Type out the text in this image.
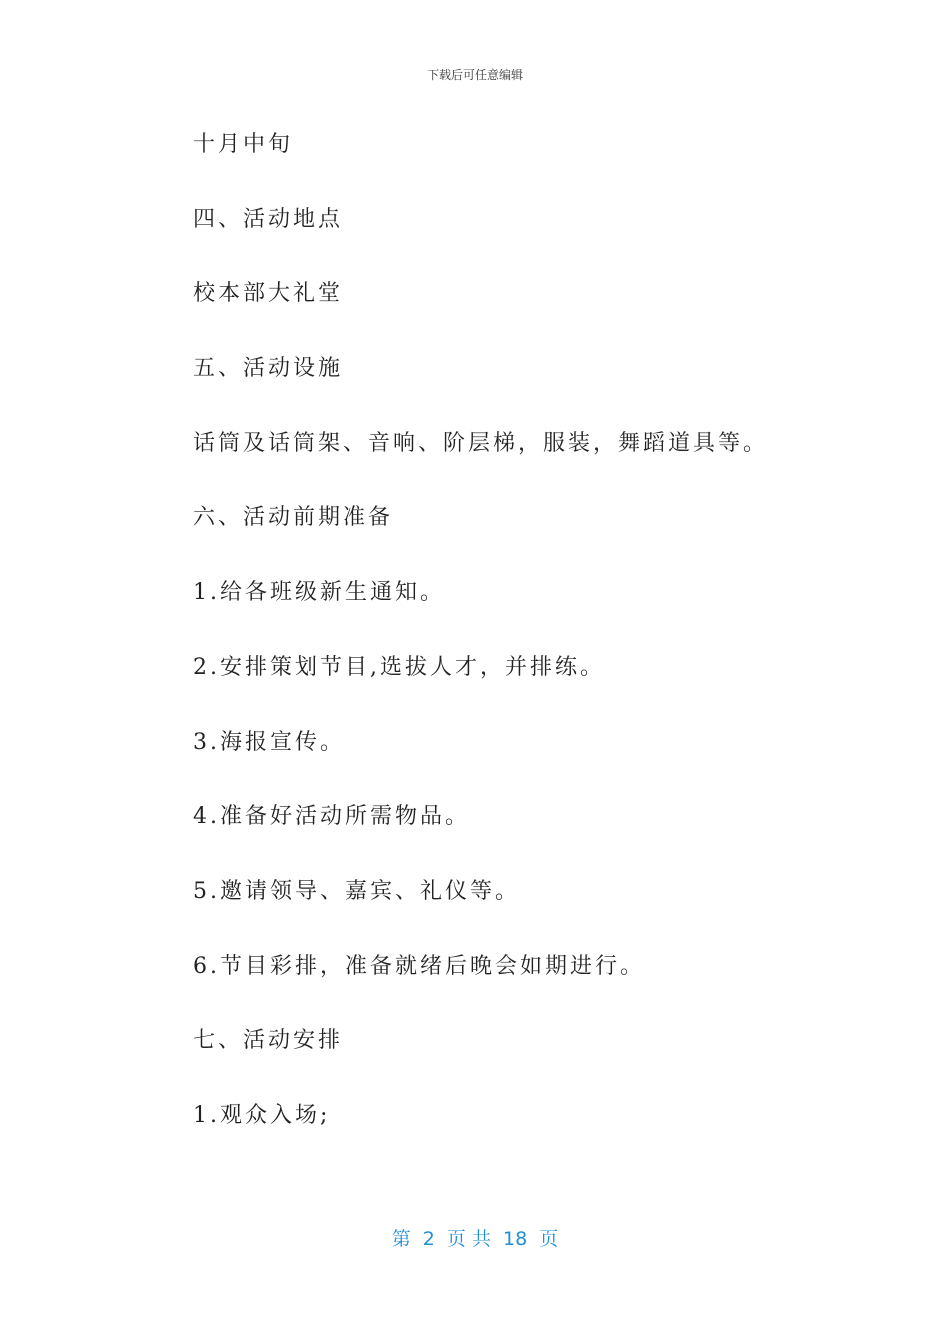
下载后可任意编辑
十月中旬
四、活动地点
校本部大礼堂
五、活动设施
话筒及话筒架、音响、阶层梯，服装，舞蹈道具等。
六、活动前期准备
1.给各班级新生通知。
2.安排策划节目,选拔人才，并排练。
3.海报宣传。
4.准备好活动所需物品。
5.邀请领导、嘉宾、礼仪等。
6.节目彩排，准备就绪后晚会如期进行。
七、活动安排
1.观众入场;
第  2  页 共  18  页
